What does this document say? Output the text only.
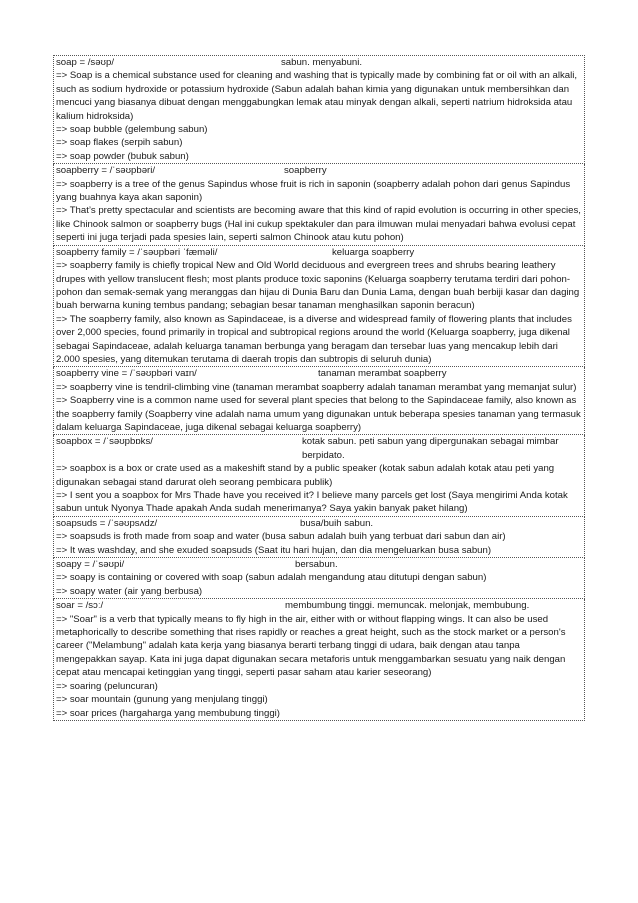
soap = /səʊp/	sabun. menyabuni.
=> Soap is a chemical substance used for cleaning and washing that is typically made by combining fat or oil with an alkali, such as sodium hydroxide or potassium hydroxide (Sabun adalah bahan kimia yang digunakan untuk membersihkan dan mencuci yang biasanya dibuat dengan menggabungkan lemak atau minyak dengan alkali, seperti natrium hidroksida atau kalium hidroksida)
=> soap bubble (gelembung sabun)
=> soap flakes (serpih sabun)
=> soap powder (bubuk sabun)
soapberry = /ˈsəʊpbəri/	soapberry
=> soapberry is a tree of the genus Sapindus whose fruit is rich in saponin (soapberry adalah pohon dari genus Sapindus yang buahnya kaya akan saponin)
=> That’s pretty spectacular and scientists are becoming aware that this kind of rapid evolution is occurring in other species, like Chinook salmon or soapberry bugs (Hal ini cukup spektakuler dan para ilmuwan mulai menyadari bahwa evolusi cepat seperti ini juga terjadi pada spesies lain, seperti salmon Chinook atau kutu pohon)
soapberry family = /ˈsəʊpbəri ˈfæməli/	keluarga soapberry
=> soapberry family is chiefly tropical New and Old World deciduous and evergreen trees and shrubs bearing leathery drupes with yellow translucent flesh; most plants produce toxic saponins (Keluarga soapberry terutama terdiri dari pohon-pohon dan semak-semak yang meranggas dan hijau di Dunia Baru dan Dunia Lama, dengan buah berbiji kasar dan daging buah berwarna kuning tembus pandang; sebagian besar tanaman menghasilkan saponin beracun)
=> The soapberry family, also known as Sapindaceae, is a diverse and widespread family of flowering plants that includes over 2,000 species, found primarily in tropical and subtropical regions around the world (Keluarga soapberry, juga dikenal sebagai Sapindaceae, adalah keluarga tanaman berbunga yang beragam dan tersebar luas yang mencakup lebih dari 2.000 spesies, yang ditemukan terutama di daerah tropis dan subtropis di seluruh dunia)
soapberry vine = /ˈsəʊpbəri vaɪn/	tanaman merambat soapberry
=> soapberry vine is tendril-climbing vine (tanaman merambat soapberry adalah tanaman merambat yang memanjat sulur)
=> Soapberry vine is a common name used for several plant species that belong to the Sapindaceae family, also known as the soapberry family (Soapberry vine adalah nama umum yang digunakan untuk beberapa spesies tanaman yang termasuk dalam keluarga Sapindaceae, juga dikenal sebagai keluarga soapberry)
soapbox = /ˈsəʊpbɒks/	kotak sabun. peti sabun yang dipergunakan sebagai mimbar berpidato.
=> soapbox is a box or crate used as a makeshift stand by a public speaker (kotak sabun adalah kotak atau peti yang digunakan sebagai stand darurat oleh seorang pembicara publik)
=> I sent you a soapbox for Mrs Thade have you received it? I believe many parcels get lost (Saya mengirimi Anda kotak sabun untuk Nyonya Thade apakah Anda sudah menerimanya? Saya yakin banyak paket hilang)
soapsuds = /ˈsəʊpsʌdz/	busa/buih sabun.
=> soapsuds is froth made from soap and water (busa sabun adalah buih yang terbuat dari sabun dan air)
=> It was washday, and she exuded soapsuds (Saat itu hari hujan, dan dia mengeluarkan busa sabun)
soapy = /ˈsəʊpi/	bersabun.
=> soapy is containing or covered with soap (sabun adalah mengandung atau ditutupi dengan sabun)
=> soapy water (air yang berbusa)
soar = /sɔː/	membumbung tinggi. memuncak. melonjak, membubung.
=> "Soar" is a verb that typically means to fly high in the air, either with or without flapping wings. It can also be used metaphorically to describe something that rises rapidly or reaches a great height, such as the stock market or a person's career ("Melambung" adalah kata kerja yang biasanya berarti terbang tinggi di udara, baik dengan atau tanpa mengepakkan sayap. Kata ini juga dapat digunakan secara metaforis untuk menggambarkan sesuatu yang naik dengan cepat atau mencapai ketinggian yang tinggi, seperti pasar saham atau karier seseorang)
=> soaring (peluncuran)
=> soar mountain (gunung yang menjulang tinggi)
=> soar prices (hargaharga yang membubung tinggi)
